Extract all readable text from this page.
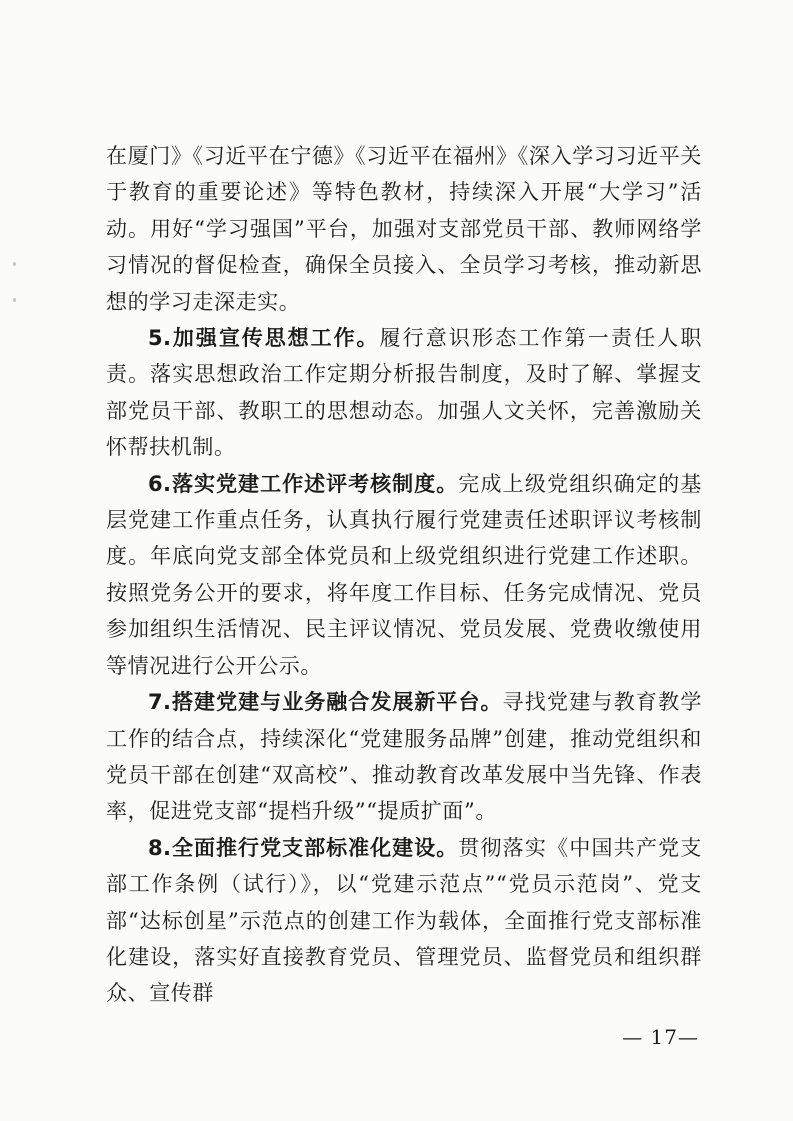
在厦门》《习近平在宁德》《习近平在福州》《深入学习习近平关于教育的重要论述》等特色教材，持续深入开展“大学习”活动。用好“学习强国”平台，加强对支部党员干部、教师网络学习情况的督促检查，确保全员接入、全员学习考核，推动新思想的学习走深走实。

5.加强宣传思想工作。履行意识形态工作第一责任人职责。落实思想政治工作定期分析报告制度，及时了解、掌握支部党员干部、教职工的思想动态。加强人文关怀，完善激励关怀帮扶机制。

6.落实党建工作述评考核制度。完成上级党组织确定的基层党建工作重点任务，认真执行履行党建责任述职评议考核制度。年底向党支部全体党员和上级党组织进行党建工作述职。按照党务公开的要求，将年度工作目标、任务完成情况、党员参加组织生活情况、民主评议情况、党员发展、党费收缴使用等情况进行公开公示。

7.搭建党建与业务融合发展新平台。寻找党建与教育教学工作的结合点，持续深化“党建服务品牌”创建，推动党组织和党员干部在创建“双高校”、推动教育改革发展中当先锋、作表率，促进党支部“提档升级”“提质扩面”。

8.全面推行党支部标准化建设。贯彻落实《中国共产党支部工作条例（试行）》，以“党建示范点”“党员示范岗”、党支部“达标创星”示范点的创建工作为载体，全面推行党支部标准化建设，落实好直接教育党员、管理党员、监督党员和组织群众、宣传群

— 17—
